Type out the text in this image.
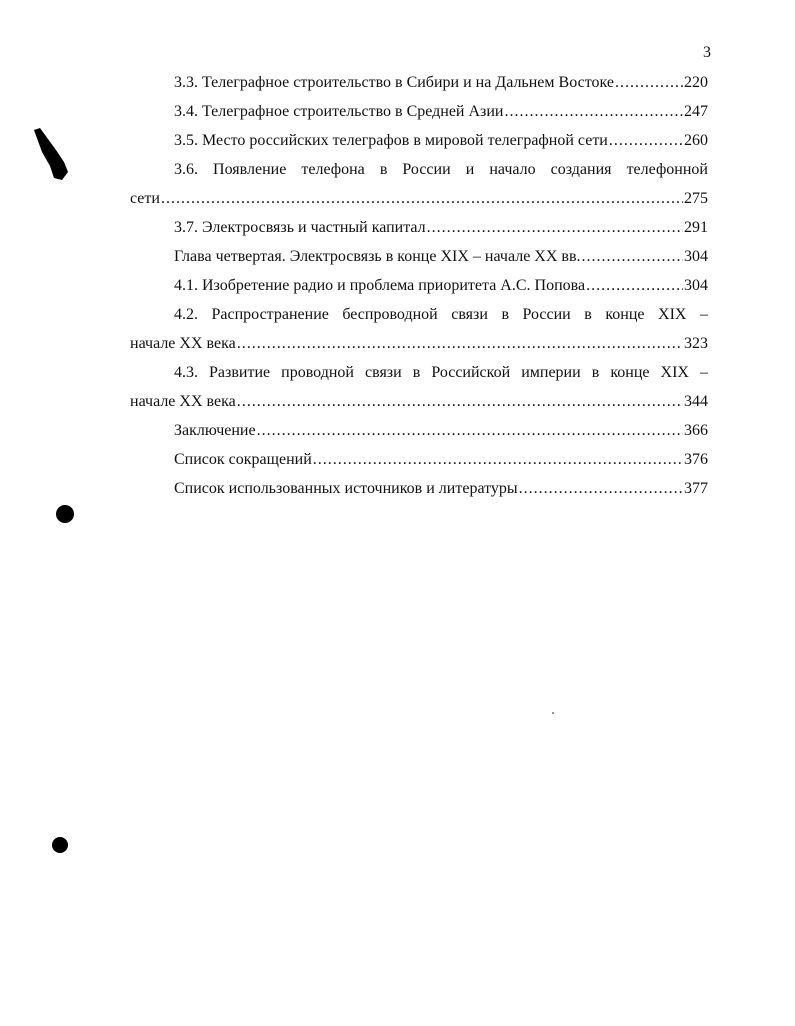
3
3.3. Телеграфное строительство в Сибири и на Дальнем Востоке .....	220
3.4. Телеграфное строительство в Средней Азии .....	247
3.5. Место российских телеграфов в мировой телеграфной сети .....	260
3.6. Появление телефона в России и начало создания телефонной
сети .....	275
3.7. Электросвязь и частный капитал .....	291
Глава четвертая. Электросвязь в конце XIX – начале XX вв. .....	304
4.1. Изобретение радио и проблема приоритета А.С. Попова .....	304
4.2. Распространение беспроводной связи в России в конце XIX –
начале XX века .....	323
4.3. Развитие проводной связи в Российской империи в конце XIX –
начале XX века .....	344
Заключение .....	366
Список сокращений .....	376
Список использованных источников и литературы .....	377
